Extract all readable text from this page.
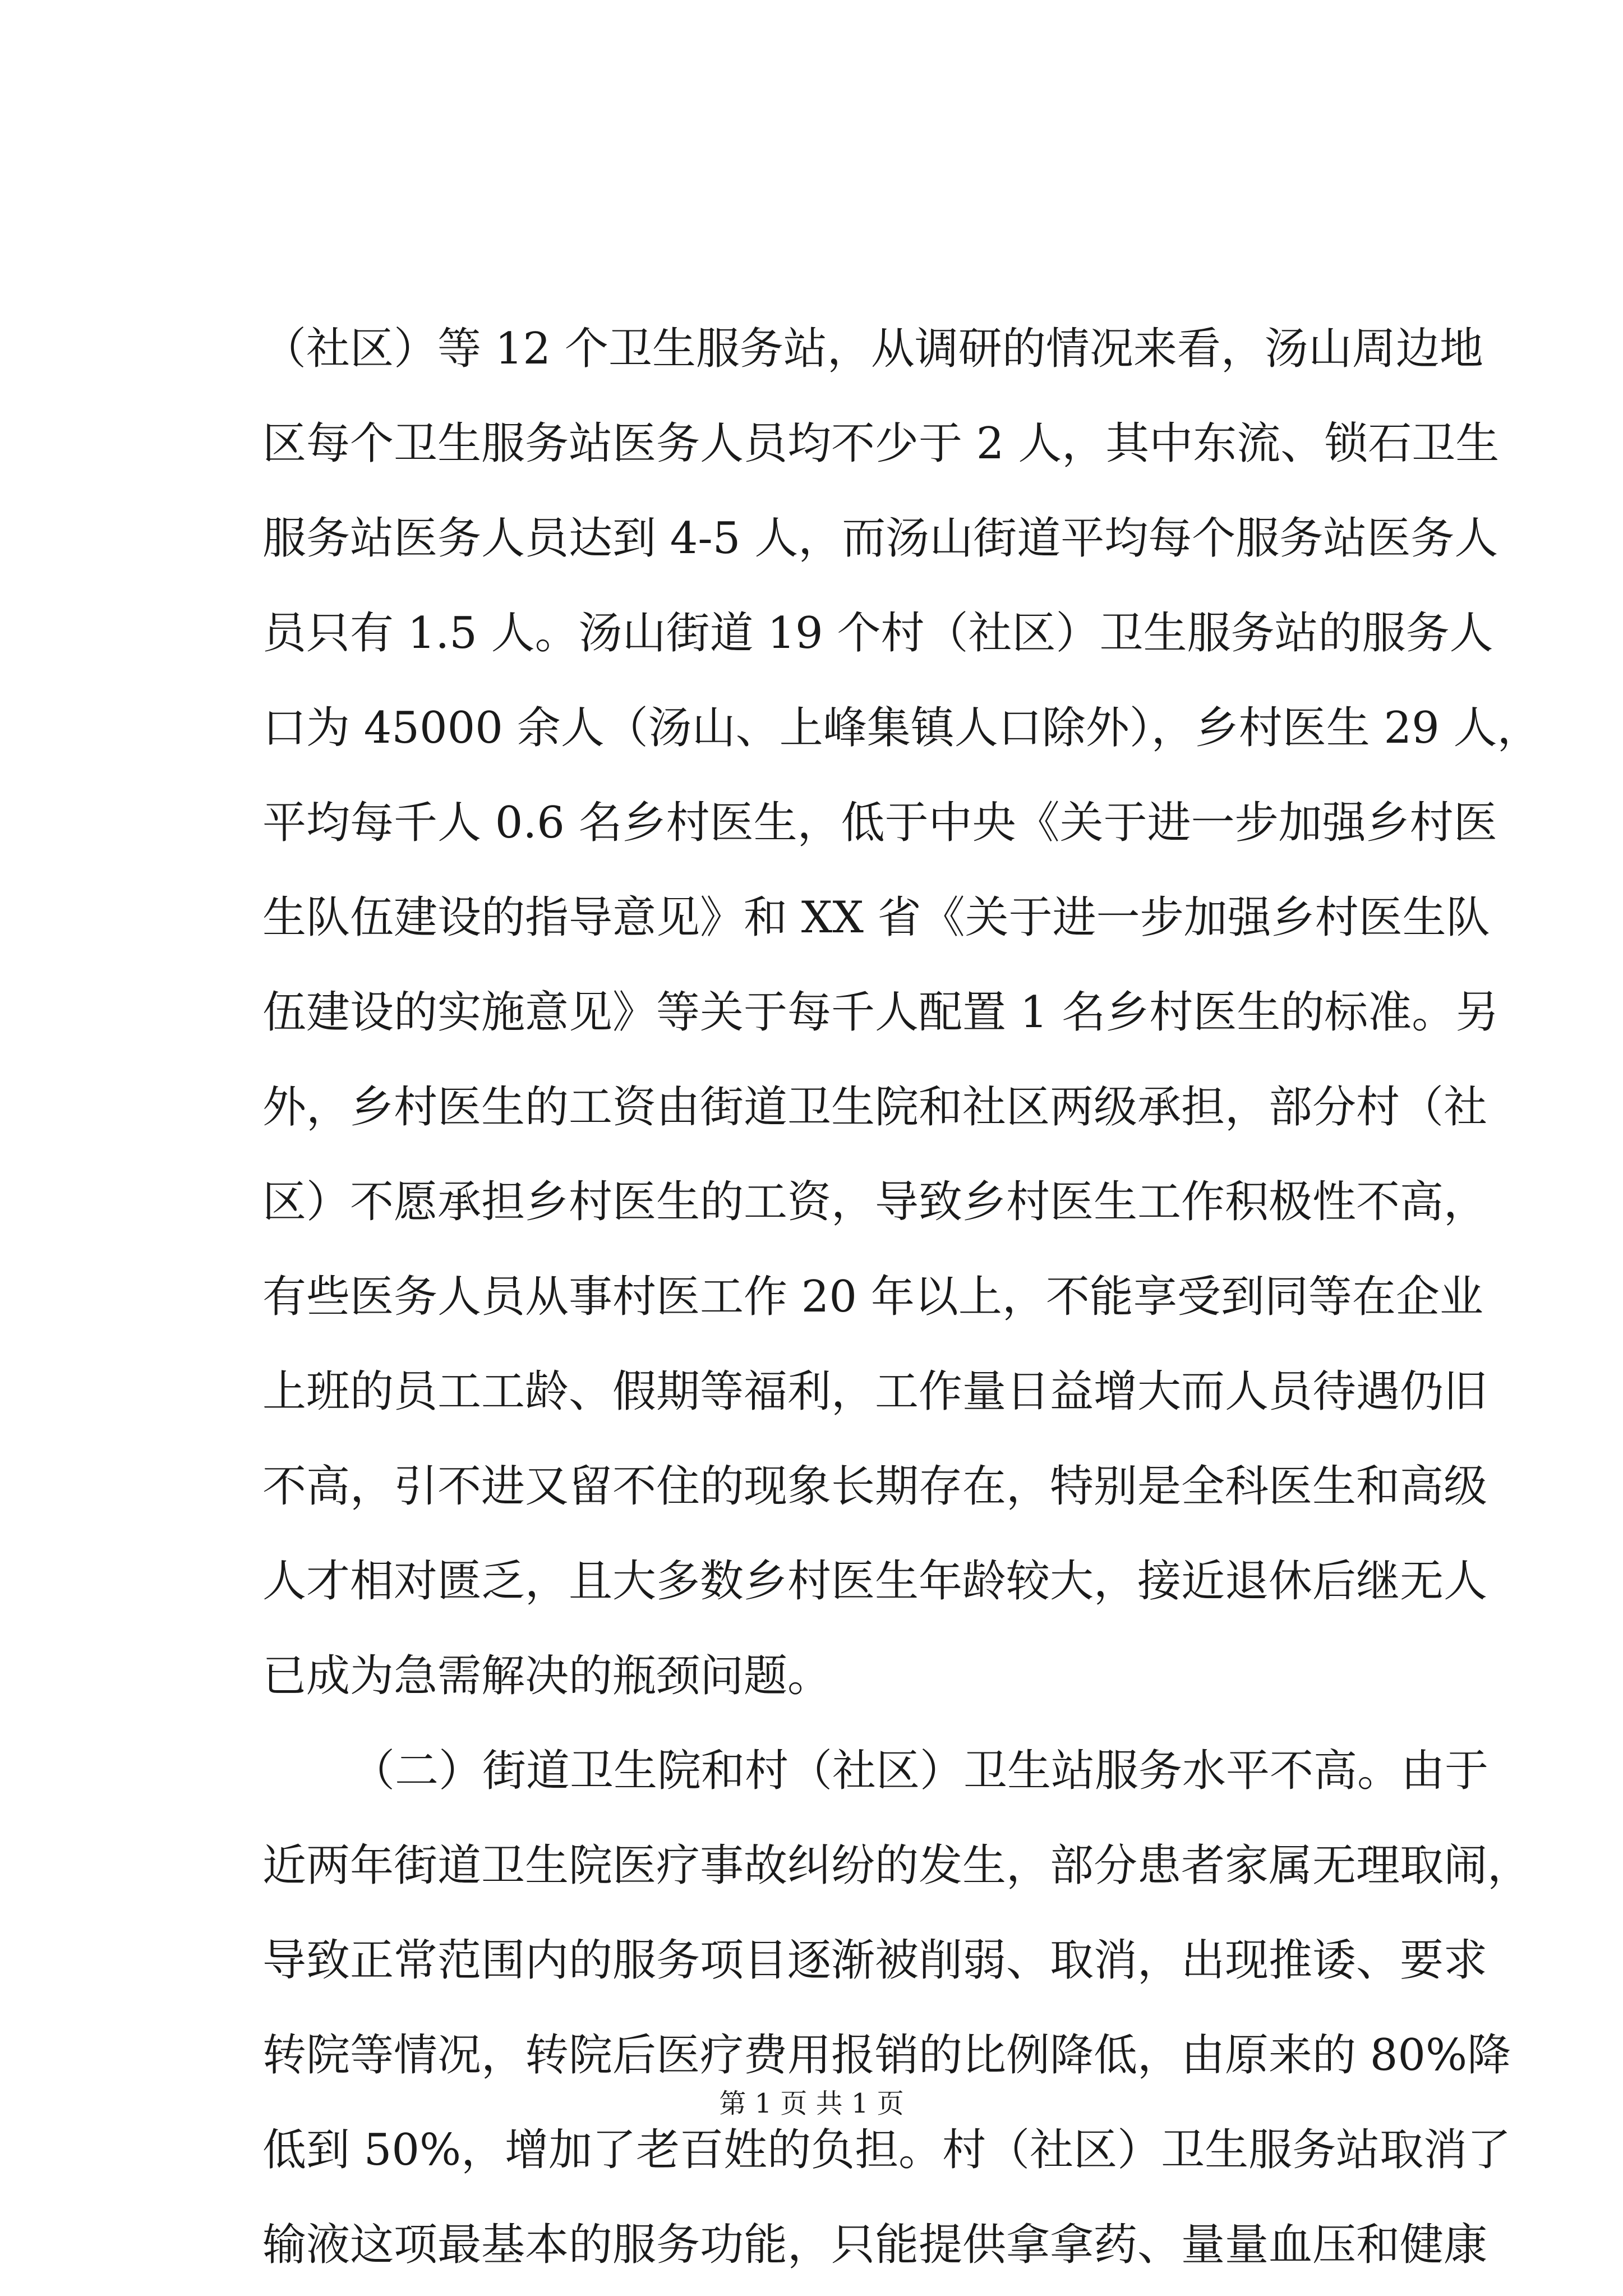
（社区）等 12 个卫生服务站，从调研的情况来看，汤山周边地

区每个卫生服务站医务人员均不少于 2 人，其中东流、锁石卫生

服务站医务人员达到 4-5 人，而汤山街道平均每个服务站医务人

员只有 1.5 人。汤山街道 19 个村（社区）卫生服务站的服务人

口为 45000 余人（汤山、上峰集镇人口除外），乡村医生 29 人，

平均每千人 0.6 名乡村医生，低于中央《关于进一步加强乡村医

生队伍建设的指导意见》和 XX 省《关于进一步加强乡村医生队

伍建设的实施意见》等关于每千人配置 1 名乡村医生的标准。另

外，乡村医生的工资由街道卫生院和社区两级承担，部分村（社

区）不愿承担乡村医生的工资，导致乡村医生工作积极性不高，

有些医务人员从事村医工作 20 年以上，不能享受到同等在企业

上班的员工工龄、假期等福利，工作量日益增大而人员待遇仍旧

不高，引不进又留不住的现象长期存在，特别是全科医生和高级

人才相对匮乏，且大多数乡村医生年龄较大，接近退休后继无人

已成为急需解决的瓶颈问题。

（二）街道卫生院和村（社区）卫生站服务水平不高。由于

近两年街道卫生院医疗事故纠纷的发生，部分患者家属无理取闹，

导致正常范围内的服务项目逐渐被削弱、取消，出现推诿、要求

转院等情况，转院后医疗费用报销的比例降低，由原来的 80%降

低到 50%，增加了老百姓的负担。村（社区）卫生服务站取消了

输液这项最基本的服务功能，只能提供拿拿药、量量血压和健康

第 1 页 共 1 页
